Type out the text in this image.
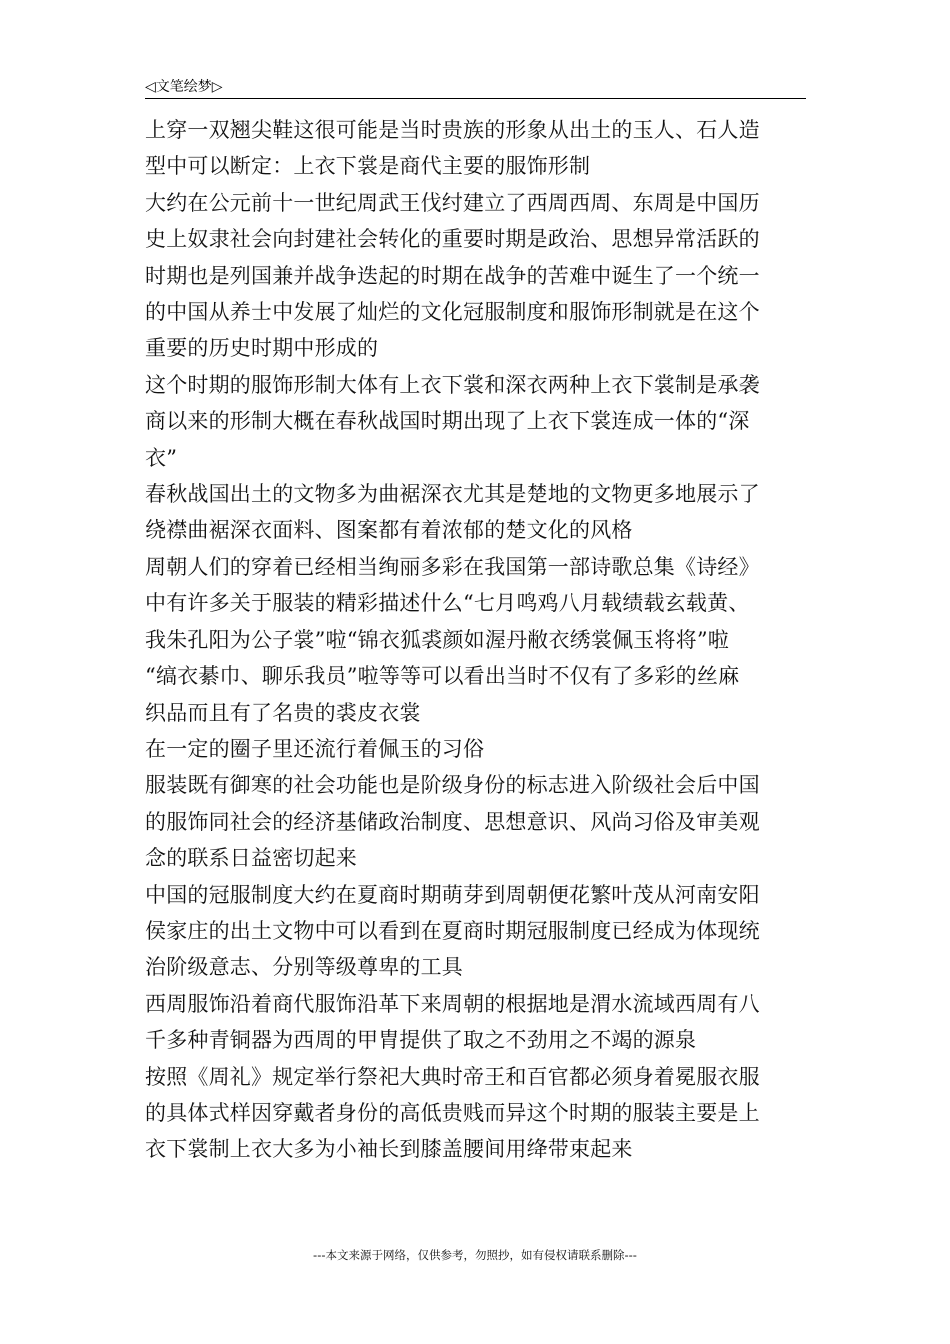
◁文笔绘梦▷

上穿一双翘尖鞋这很可能是当时贵族的形象从出土的玉人、石人造
型中可以断定：上衣下裳是商代主要的服饰形制

大约在公元前十一世纪周武王伐纣建立了西周西周、东周是中国历
史上奴隶社会向封建社会转化的重要时期是政治、思想异常活跃的
时期也是列国兼并战争迭起的时期在战争的苦难中诞生了一个统一
的中国从养士中发展了灿烂的文化冠服制度和服饰形制就是在这个
重要的历史时期中形成的

这个时期的服饰形制大体有上衣下裳和深衣两种上衣下裳制是承袭
商以来的形制大概在春秋战国时期出现了上衣下裳连成一体的“深
衣”

春秋战国出土的文物多为曲裾深衣尤其是楚地的文物更多地展示了
绕襟曲裾深衣面料、图案都有着浓郁的楚文化的风格

周朝人们的穿着已经相当绚丽多彩在我国第一部诗歌总集《诗经》
中有许多关于服装的精彩描述什么“七月鸣鸡八月载绩载玄载黄、
我朱孔阳为公子裳”啦“锦衣狐裘颜如渥丹敝衣绣裳佩玉将将”啦
“缟衣綦巾、聊乐我员”啦等等可以看出当时不仅有了多彩的丝麻
织品而且有了名贵的裘皮衣裳

在一定的圈子里还流行着佩玉的习俗

服装既有御寒的社会功能也是阶级身份的标志进入阶级社会后中国
的服饰同社会的经济基储政治制度、思想意识、风尚习俗及审美观
念的联系日益密切起来

中国的冠服制度大约在夏商时期萌芽到周朝便花繁叶茂从河南安阳
侯家庄的出土文物中可以看到在夏商时期冠服制度已经成为体现统
治阶级意志、分别等级尊卑的工具

西周服饰沿着商代服饰沿革下来周朝的根据地是渭水流域西周有八
千多种青铜器为西周的甲胄提供了取之不劲用之不竭的源泉

按照《周礼》规定举行祭祀大典时帝王和百官都必须身着冕服衣服
的具体式样因穿戴者身份的高低贵贱而异这个时期的服装主要是上
衣下裳制上衣大多为小袖长到膝盖腰间用绛带束起来

---本文来源于网络，仅供参考，勿照抄，如有侵权请联系删除---
